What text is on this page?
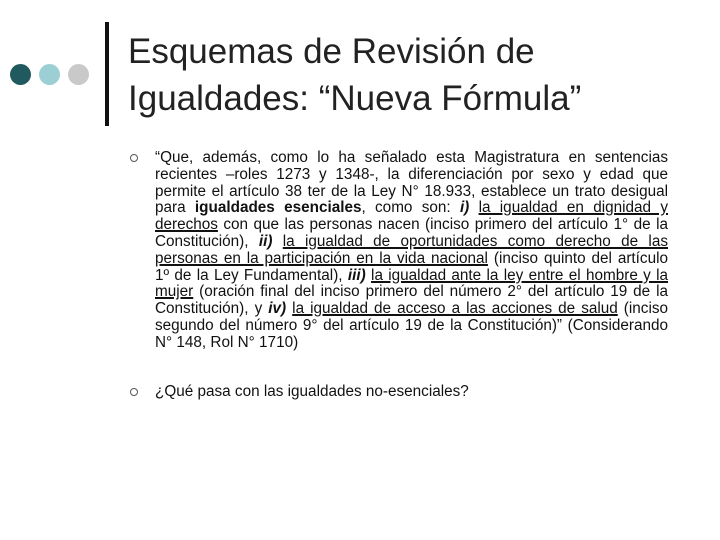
Esquemas de Revisión de
Igualdades: “Nueva Fórmula”
“Que, además, como lo ha señalado esta Magistratura en sentencias recientes –roles 1273 y 1348-, la diferenciación por sexo y edad que permite el artículo 38 ter de la Ley N° 18.933, establece un trato desigual para igualdades esenciales, como son: i) la igualdad en dignidad y derechos con que las personas nacen (inciso primero del artículo 1° de la Constitución), ii) la igualdad de oportunidades como derecho de las personas en la participación en la vida nacional (inciso quinto del artículo 1º de la Ley Fundamental), iii) la igualdad ante la ley entre el hombre y la mujer (oración final del inciso primero del número 2° del artículo 19 de la Constitución), y iv) la igualdad de acceso a las acciones de salud (inciso segundo del número 9° del artículo 19 de la Constitución)” (Considerando N° 148, Rol N° 1710)
¿Qué pasa con las igualdades no-esenciales?
